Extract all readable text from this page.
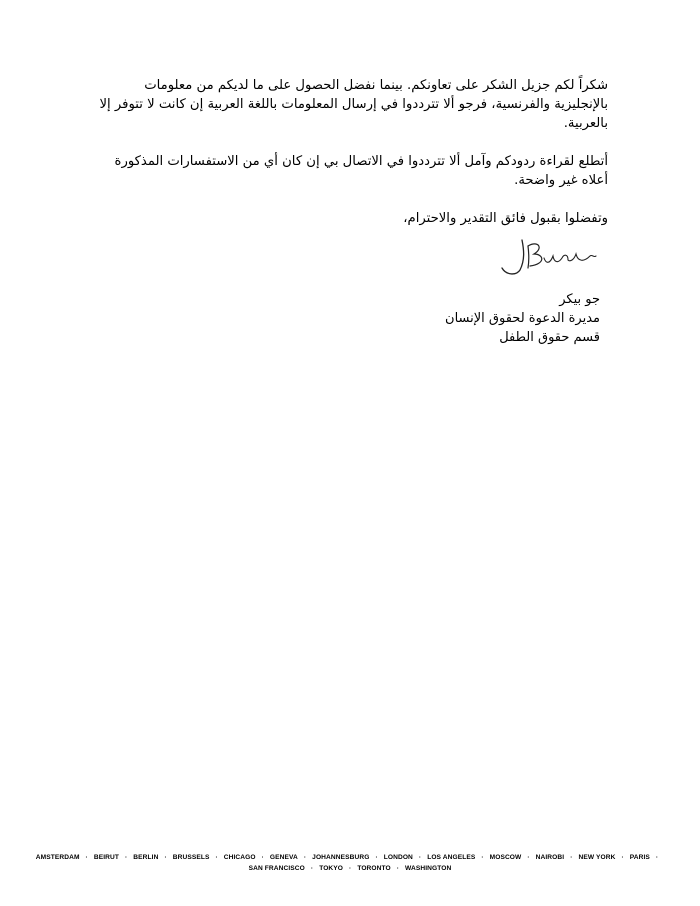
شكراً لكم جزيل الشكر على تعاونكم. بينما نفضل الحصول على ما لديكم من معلومات بالإنجليزية والفرنسية، فرجو ألا تترددوا في إرسال المعلومات باللغة العربية إن كانت لا تتوفر إلا بالعربية.

أتطلع لقراءة ردودكم وآمل ألا تترددوا في الاتصال بي إن كان أي من الاستفسارات المذكورة أعلاه غير واضحة.

وتفضلوا بقبول فائق التقدير والاحترام،

جو بيكر
مديرة الدعوة لحقوق الإنسان
قسم حقوق الطفل
AMSTERDAM · BEIRUT · BERLIN · BRUSSELS · CHICAGO · GENEVA · JOHANNESBURG · LONDON · LOS ANGELES · MOSCOW · NAIROBI · NEW YORK · PARIS ·
SAN FRANCISCO · TOKYO · TORONTO · WASHINGTON
